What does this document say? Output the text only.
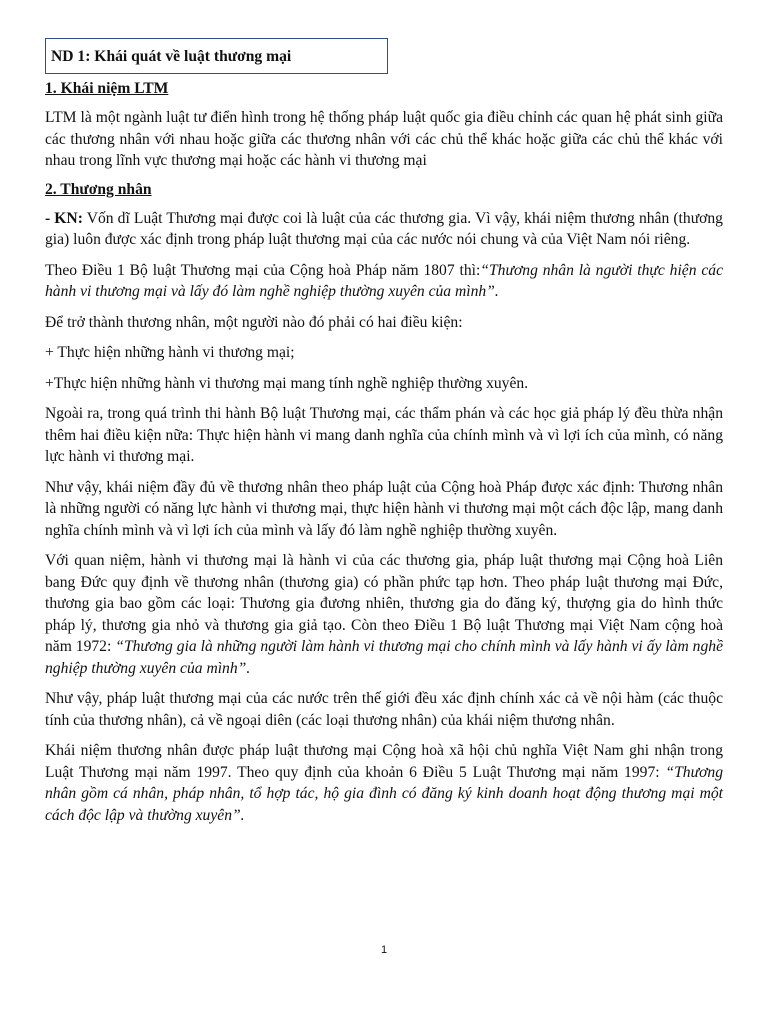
ND 1: Khái quát về luật thương mại
1. Khái niệm LTM

LTM là một ngành luật tư điển hình trong hệ thống pháp luật quốc gia điều chỉnh các quan hệ phát sinh giữa các thương nhân với nhau hoặc giữa các thương nhân với các chủ thể khác hoặc giữa các chủ thể khác với nhau trong lĩnh vực thương mại hoặc các hành vi thương mại

2. Thương nhân

- KN: Vốn dĩ Luật Thương mại được coi là luật của các thương gia. Vì vậy, khái niệm thương nhân (thương gia) luôn được xác định trong pháp luật thương mại của các nước nói chung và của Việt Nam nói riêng.

Theo Điều 1 Bộ luật Thương mại của Cộng hoà Pháp năm 1807 thì:“Thương nhân là người thực hiện các hành vi thương mại và lấy đó làm nghề nghiệp thường xuyên của mình”.

Để trở thành thương nhân, một người nào đó phải có hai điều kiện:

+ Thực hiện những hành vi thương mại;

+Thực hiện những hành vi thương mại mang tính nghề nghiệp thường xuyên.

Ngoài ra, trong quá trình thi hành Bộ luật Thương mại, các thẩm phán và các học giả pháp lý đều thừa nhận thêm hai điều kiện nữa: Thực hiện hành vi mang danh nghĩa của chính mình và vì lợi ích của mình, có năng lực hành vi thương mại.

Như vậy, khái niệm đầy đủ về thương nhân theo pháp luật của Cộng hoà Pháp được xác định: Thương nhân là những người có năng lực hành vi thương mại, thực hiện hành vi thương mại một cách độc lập, mang danh nghĩa chính mình và vì lợi ích của mình và lấy đó làm nghề nghiệp thường xuyên.

Với quan niệm, hành vi thương mại là hành vi của các thương gia, pháp luật thương mại Cộng hoà Liên bang Đức quy định về thương nhân (thương gia) có phần phức tạp hơn. Theo pháp luật thương mại Đức, thương gia bao gồm các loại: Thương gia đương nhiên, thương gia do đăng ký, thượng gia do hình thức pháp lý, thương gia nhỏ và thương gia giả tạo. Còn theo Điều 1 Bộ luật Thương mại Việt Nam cộng hoà năm 1972: “Thương gia là những người làm hành vi thương mại cho chính mình và lấy hành vi ấy làm nghề nghiệp thường xuyên của mình”.

Như vậy, pháp luật thương mại của các nước trên thế giới đều xác định chính xác cả về nội hàm (các thuộc tính của thương nhân), cả về ngoại diên (các loại thương nhân) của khái niệm thương nhân.

Khái niệm thương nhân được pháp luật thương mại Cộng hoà xã hội chủ nghĩa Việt Nam ghi nhận trong Luật Thương mại năm 1997. Theo quy định của khoản 6 Điều 5 Luật Thương mại năm 1997: “Thương nhân gồm cá nhân, pháp nhân, tổ hợp tác, hộ gia đình có đăng ký kinh doanh hoạt động thương mại một cách độc lập và thường xuyên”.

1
